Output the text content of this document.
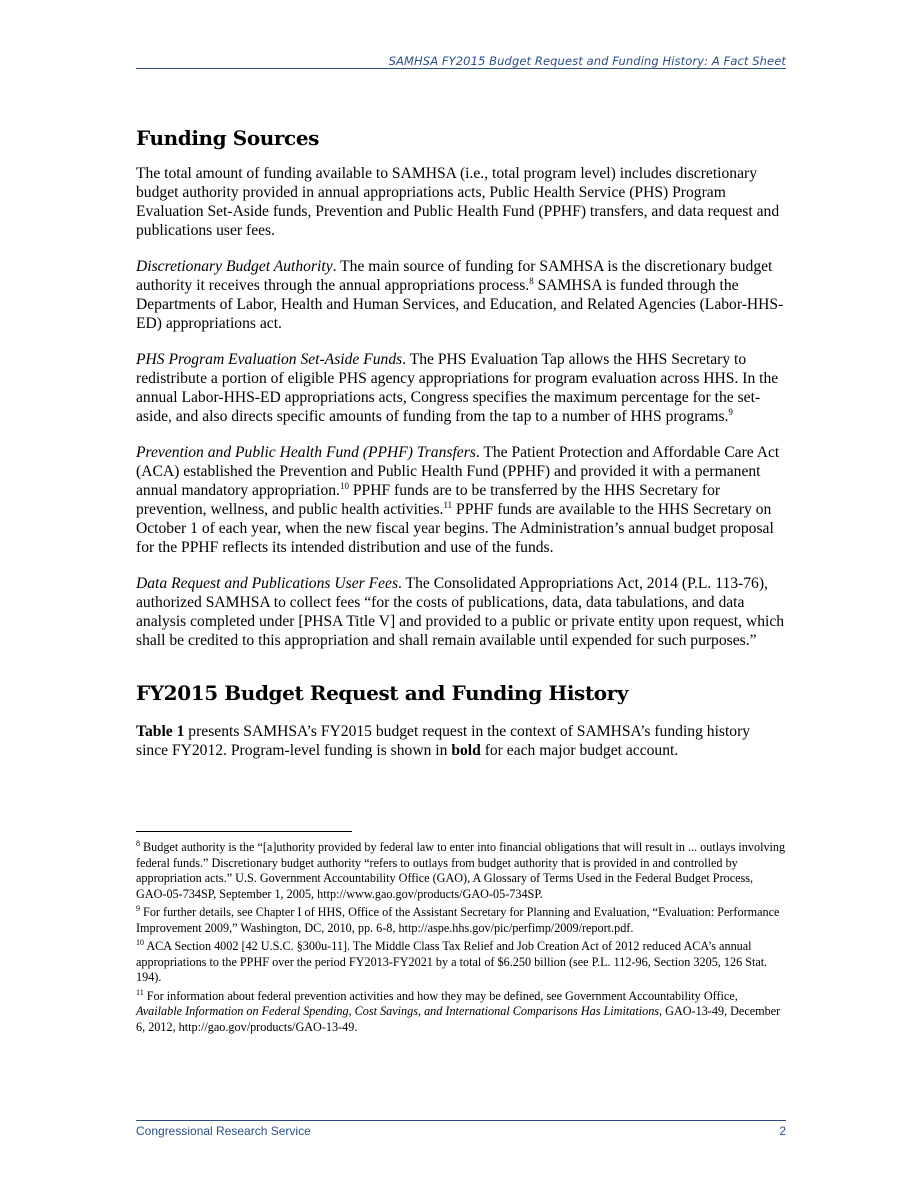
SAMHSA FY2015 Budget Request and Funding History: A Fact Sheet
Funding Sources

The total amount of funding available to SAMHSA (i.e., total program level) includes discretionary budget authority provided in annual appropriations acts, Public Health Service (PHS) Program Evaluation Set-Aside funds, Prevention and Public Health Fund (PPHF) transfers, and data request and publications user fees.

Discretionary Budget Authority. The main source of funding for SAMHSA is the discretionary budget authority it receives through the annual appropriations process.$^8$ SAMHSA is funded through the Departments of Labor, Health and Human Services, and Education, and Related Agencies (Labor-HHS-ED) appropriations act.

PHS Program Evaluation Set-Aside Funds. The PHS Evaluation Tap allows the HHS Secretary to redistribute a portion of eligible PHS agency appropriations for program evaluation across HHS. In the annual Labor-HHS-ED appropriations acts, Congress specifies the maximum percentage for the set-aside, and also directs specific amounts of funding from the tap to a number of HHS programs.$^9$

Prevention and Public Health Fund (PPHF) Transfers. The Patient Protection and Affordable Care Act (ACA) established the Prevention and Public Health Fund (PPHF) and provided it with a permanent annual mandatory appropriation.$^{10}$ PPHF funds are to be transferred by the HHS Secretary for prevention, wellness, and public health activities.$^{11}$ PPHF funds are available to the HHS Secretary on October 1 of each year, when the new fiscal year begins. The Administration’s annual budget proposal for the PPHF reflects its intended distribution and use of the funds.

Data Request and Publications User Fees. The Consolidated Appropriations Act, 2014 (P.L. 113-76), authorized SAMHSA to collect fees “for the costs of publications, data, data tabulations, and data analysis completed under [PHSA Title V] and provided to a public or private entity upon request, which shall be credited to this appropriation and shall remain available until expended for such purposes.”

FY2015 Budget Request and Funding History

Table 1 presents SAMHSA’s FY2015 budget request in the context of SAMHSA’s funding history since FY2012. Program-level funding is shown in bold for each major budget account.

$^8$ Budget authority is the “[a]uthority provided by federal law to enter into financial obligations that will result in ... outlays involving federal funds.” Discretionary budget authority “refers to outlays from budget authority that is provided in and controlled by appropriation acts.” U.S. Government Accountability Office (GAO), A Glossary of Terms Used in the Federal Budget Process, GAO-05-734SP, September 1, 2005, http://www.gao.gov/products/GAO-05-734SP.
$^9$ For further details, see Chapter I of HHS, Office of the Assistant Secretary for Planning and Evaluation, “Evaluation: Performance Improvement 2009,” Washington, DC, 2010, pp. 6-8, http://aspe.hhs.gov/pic/perfimp/2009/report.pdf.
$^{10}$ ACA Section 4002 [42 U.S.C. §300u-11]. The Middle Class Tax Relief and Job Creation Act of 2012 reduced ACA’s annual appropriations to the PPHF over the period FY2013-FY2021 by a total of $6.250 billion (see P.L. 112-96, Section 3205, 126 Stat. 194).
$^{11}$ For information about federal prevention activities and how they may be defined, see Government Accountability Office, Available Information on Federal Spending, Cost Savings, and International Comparisons Has Limitations, GAO-13-49, December 6, 2012, http://gao.gov/products/GAO-13-49.
Congressional Research Service	2
